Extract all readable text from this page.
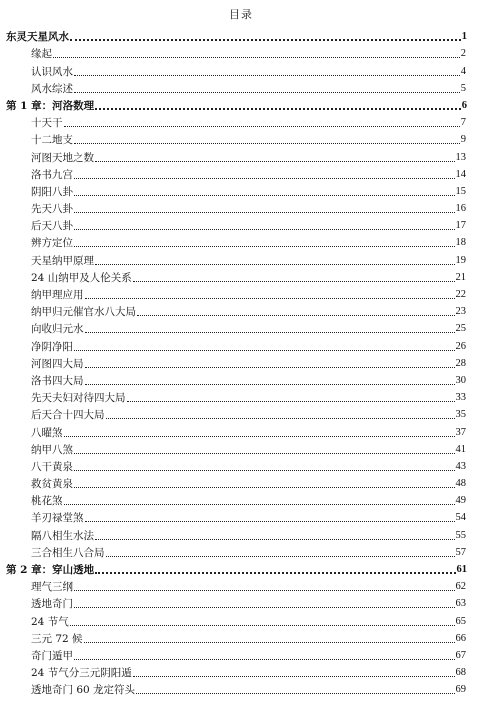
目录
东灵天星风水	1
缘起	2
认识风水	4
风水综述	5
第 1 章：河洛数理	6
十天干	7
十二地支	9
河图天地之数	13
洛书九宫	14
阴阳八卦	15
先天八卦	16
后天八卦	17
辨方定位	18
天星纳甲原理	19
24 山纳甲及人伦关系	21
纳甲理应用	22
纳甲归元催官水八大局	23
向收归元水	25
净阴净阳	26
河图四大局	28
洛书四大局	30
先天夫妇对待四大局	33
后天合十四大局	35
八曜煞	37
纳甲八煞	41
八干黄泉	43
救贫黄泉	48
桃花煞	49
羊刃禄堂煞	54
隔八相生水法	55
三合相生八合局	57
第 2 章：穿山透地	61
理气三纲	62
透地奇门	63
24 节气	65
三元 72 候	66
奇门遁甲	67
24 节气分三元阴阳遁	68
透地奇门 60 龙定符头	69
